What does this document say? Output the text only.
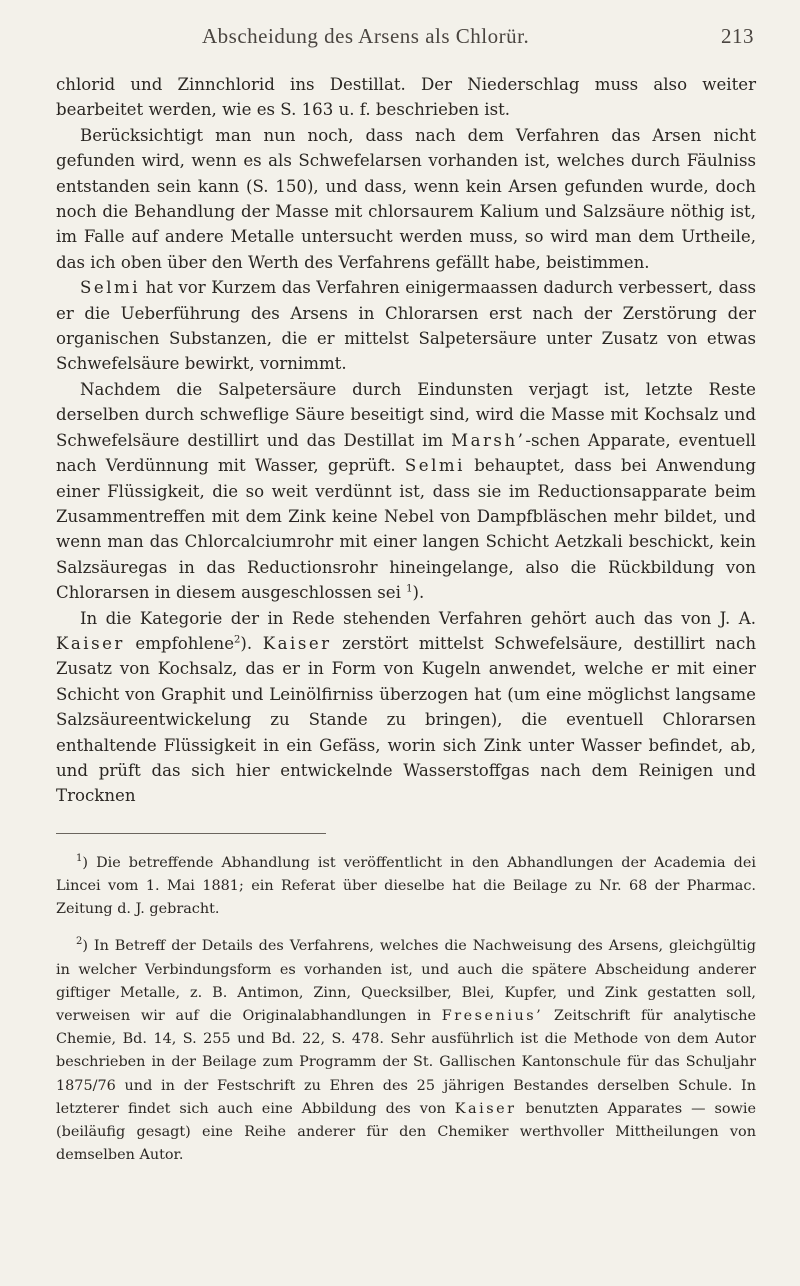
Abscheidung des Arsens als Chlorür.	213

chlorid und Zinnchlorid ins Destillat. Der Niederschlag muss also weiter bearbeitet werden, wie es S. 163 u. f. beschrieben ist.

Berücksichtigt man nun noch, dass nach dem Verfahren das Arsen nicht gefunden wird, wenn es als Schwefelarsen vorhanden ist, welches durch Fäulniss entstanden sein kann (S. 150), und dass, wenn kein Arsen gefunden wurde, doch noch die Behandlung der Masse mit chlorsaurem Kalium und Salzsäure nöthig ist, im Falle auf andere Metalle untersucht werden muss, so wird man dem Urtheile, das ich oben über den Werth des Verfahrens gefällt habe, beistimmen.

Selmi hat vor Kurzem das Verfahren einigermaassen dadurch verbessert, dass er die Ueberführung des Arsens in Chlorarsen erst nach der Zerstörung der organischen Substanzen, die er mittelst Salpetersäure unter Zusatz von etwas Schwefelsäure bewirkt, vornimmt.

Nachdem die Salpetersäure durch Eindunsten verjagt ist, letzte Reste derselben durch schweflige Säure beseitigt sind, wird die Masse mit Kochsalz und Schwefelsäure destillirt und das Destillat im Marsh’-schen Apparate, eventuell nach Verdünnung mit Wasser, geprüft. Selmi behauptet, dass bei Anwendung einer Flüssigkeit, die so weit verdünnt ist, dass sie im Reductionsapparate beim Zusammentreffen mit dem Zink keine Nebel von Dampfbläschen mehr bildet, und wenn man das Chlorcalciumrohr mit einer langen Schicht Aetzkali beschickt, kein Salzsäuregas in das Reductionsrohr hineingelange, also die Rückbildung von Chlorarsen in diesem ausgeschlossen sei $^1$).

In die Kategorie der in Rede stehenden Verfahren gehört auch das von J. A. Kaiser empfohlene$^2$). Kaiser zerstört mittelst Schwefelsäure, destillirt nach Zusatz von Kochsalz, das er in Form von Kugeln anwendet, welche er mit einer Schicht von Graphit und Leinölfirniss überzogen hat (um eine möglichst langsame Salzsäureentwickelung zu Stande zu bringen), die eventuell Chlorarsen enthaltende Flüssigkeit in ein Gefäss, worin sich Zink unter Wasser befindet, ab, und prüft das sich hier entwickelnde Wasserstoffgas nach dem Reinigen und Trocknen

$^1$) Die betreffende Abhandlung ist veröffentlicht in den Abhandlungen der Academia dei Lincei vom 1. Mai 1881; ein Referat über dieselbe hat die Beilage zu Nr. 68 der Pharmac. Zeitung d. J. gebracht.

$^2$) In Betreff der Details des Verfahrens, welches die Nachweisung des Arsens, gleichgültig in welcher Verbindungsform es vorhanden ist, und auch die spätere Abscheidung anderer giftiger Metalle, z. B. Antimon, Zinn, Quecksilber, Blei, Kupfer, und Zink gestatten soll, verweisen wir auf die Originalabhandlungen in Fresenius’ Zeitschrift für analytische Chemie, Bd. 14, S. 255 und Bd. 22, S. 478. Sehr ausführlich ist die Methode von dem Autor beschrieben in der Beilage zum Programm der St. Gallischen Kantonschule für das Schuljahr 1875/76 und in der Festschrift zu Ehren des 25 jährigen Bestandes derselben Schule. In letzterer findet sich auch eine Abbildung des von Kaiser benutzten Apparates — sowie (beiläufig gesagt) eine Reihe anderer für den Chemiker werthvoller Mittheilungen von demselben Autor.
